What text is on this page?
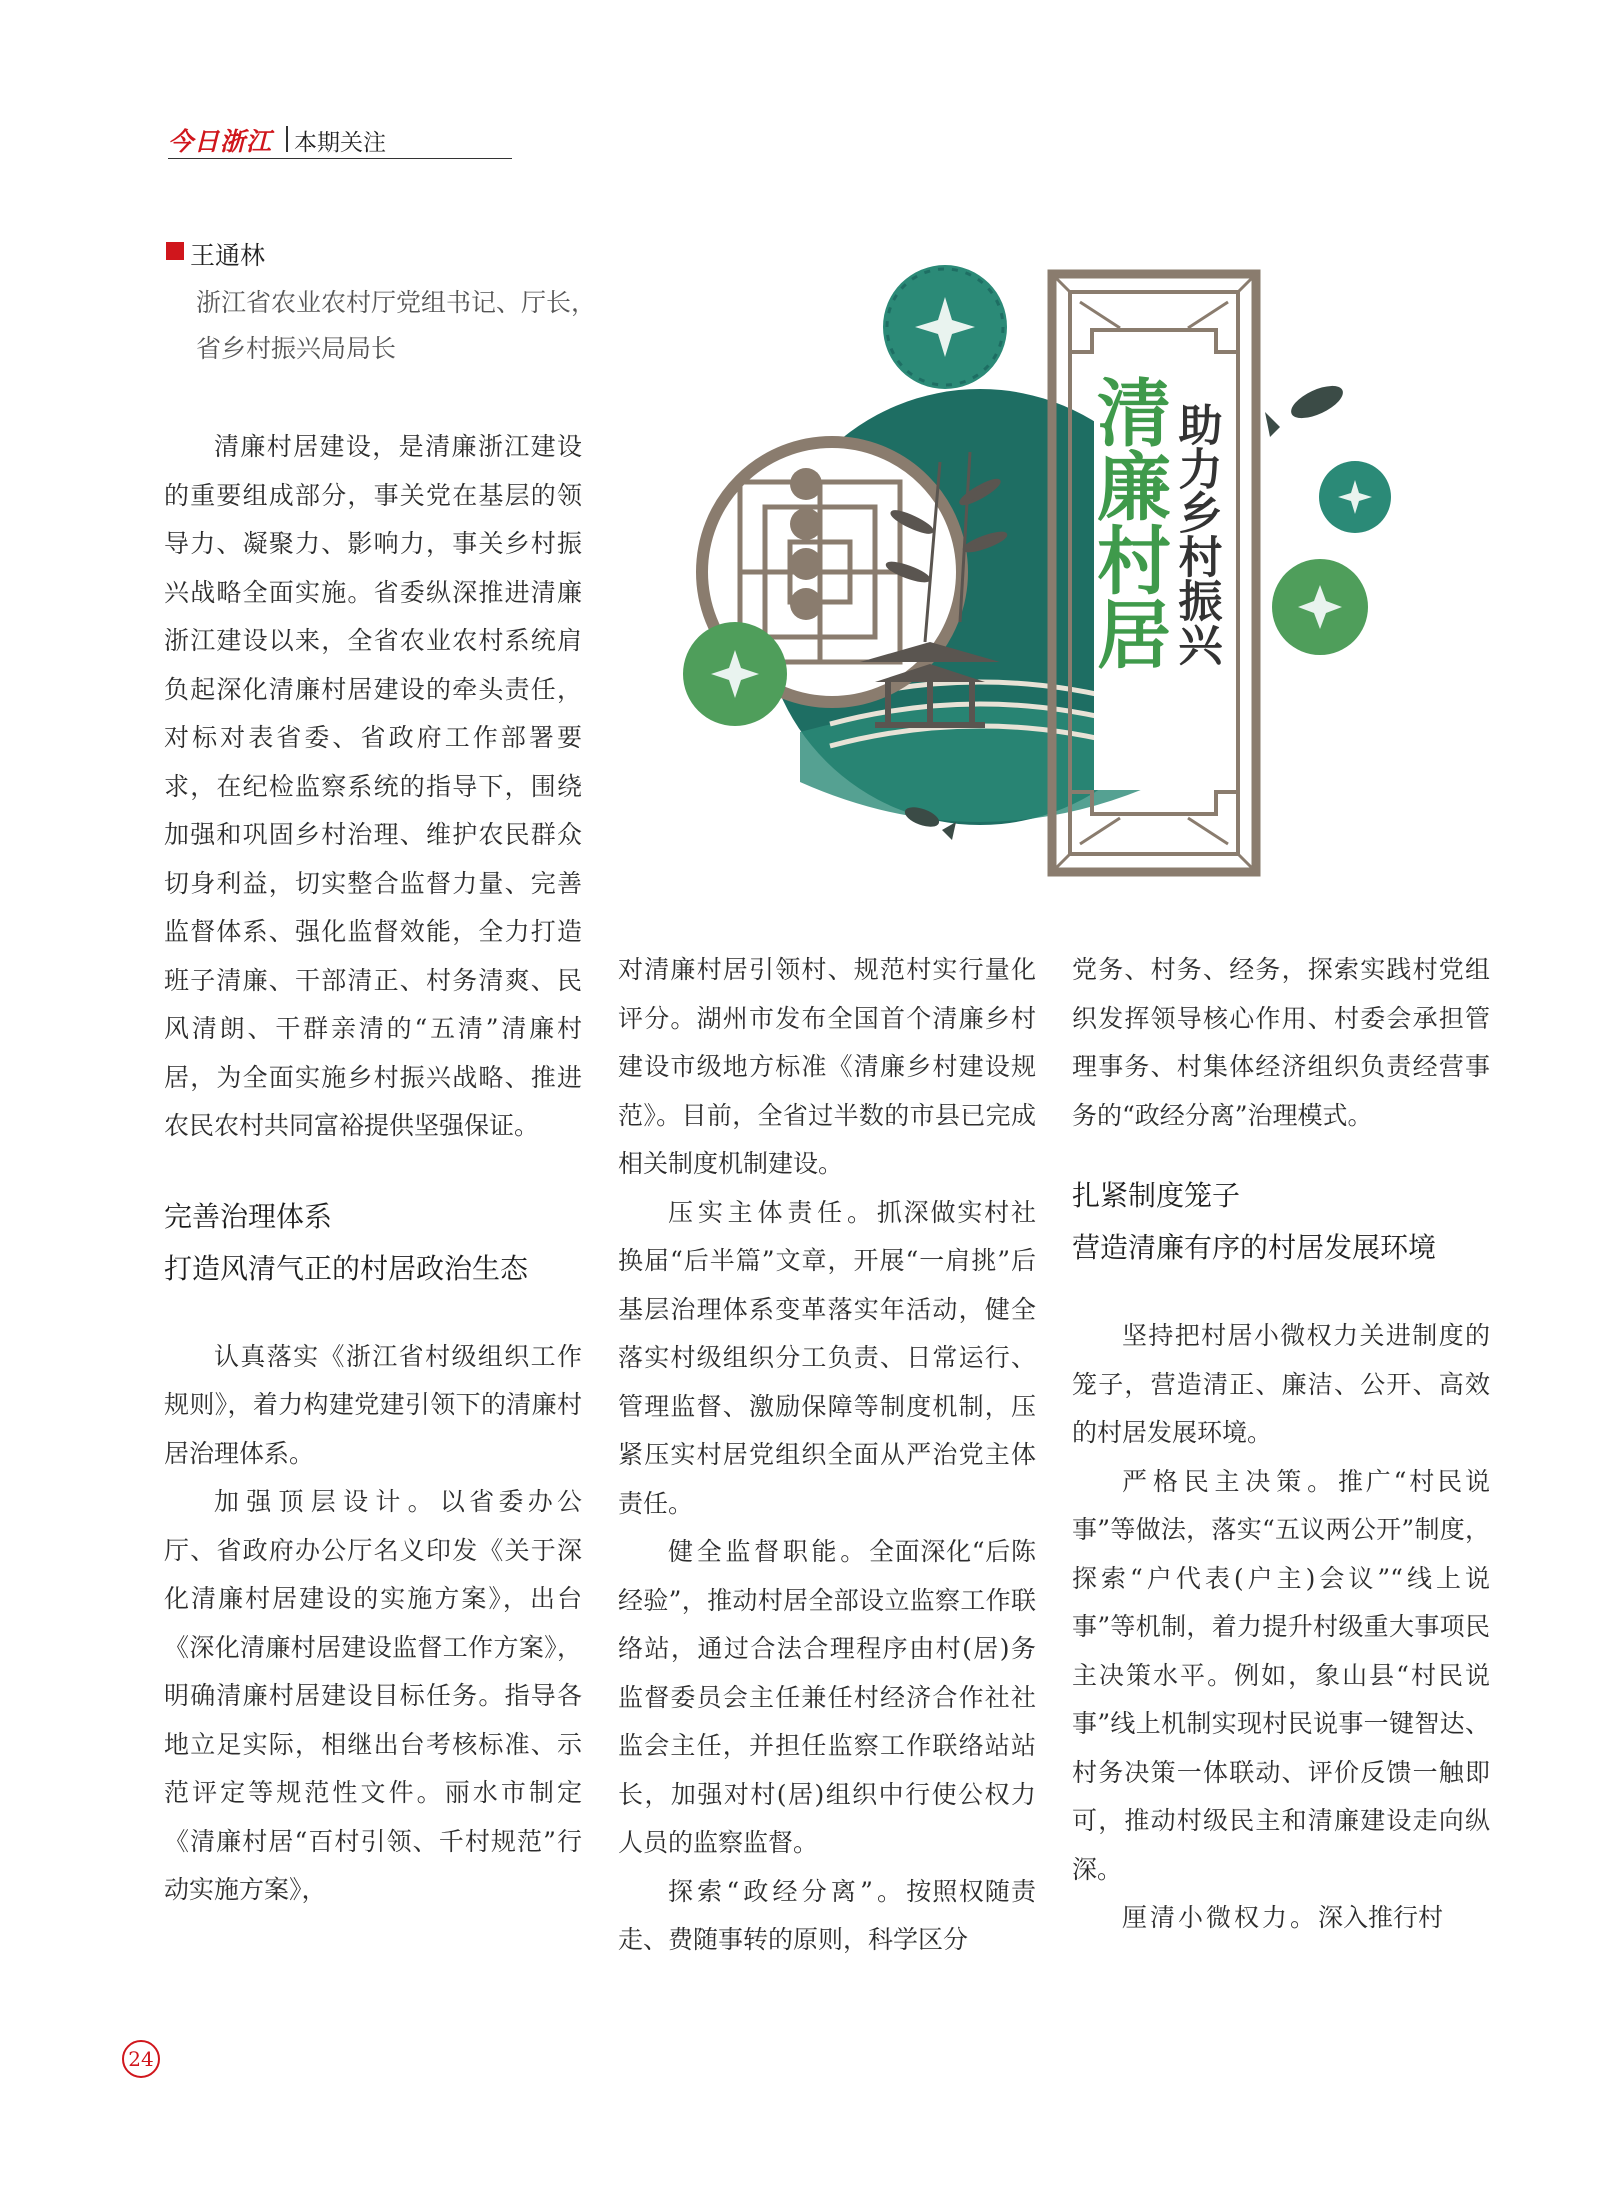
今日浙江 本期关注
王通林
浙江省农业农村厅党组书记、厅长，
省乡村振兴局局长
清廉村居 助力乡村振兴

清廉村居建设，是清廉浙江建设的重要组成部分，事关党在基层的领导力、凝聚力、影响力，事关乡村振兴战略全面实施。省委纵深推进清廉浙江建设以来，全省农业农村系统肩负起深化清廉村居建设的牵头责任，对标对表省委、省政府工作部署要求，在纪检监察系统的指导下，围绕加强和巩固乡村治理、维护农民群众切身利益，切实整合监督力量、完善监督体系、强化监督效能，全力打造班子清廉、干部清正、村务清爽、民风清朗、干群亲清的“五清”清廉村居，为全面实施乡村振兴战略、推进农民农村共同富裕提供坚强保证。

完善治理体系
打造风清气正的村居政治生态

认真落实《浙江省村级组织工作规则》，着力构建党建引领下的清廉村居治理体系。

加强顶层设计。以省委办公厅、省政府办公厅名义印发《关于深化清廉村居建设的实施方案》，出台《深化清廉村居建设监督工作方案》，明确清廉村居建设目标任务。指导各地立足实际，相继出台考核标准、示范评定等规范性文件。丽水市制定《清廉村居“百村引领、千村规范”行动实施方案》，

对清廉村居引领村、规范村实行量化评分。湖州市发布全国首个清廉乡村建设市级地方标准《清廉乡村建设规范》。目前，全省过半数的市县已完成相关制度机制建设。

压实主体责任。抓深做实村社换届“后半篇”文章，开展“一肩挑”后基层治理体系变革落实年活动，健全落实村级组织分工负责、日常运行、管理监督、激励保障等制度机制，压紧压实村居党组织全面从严治党主体责任。

健全监督职能。全面深化“后陈经验”，推动村居全部设立监察工作联络站，通过合法合理程序由村(居)务监督委员会主任兼任村经济合作社社监会主任，并担任监察工作联络站站长，加强对村(居)组织中行使公权力人员的监察监督。

探索“政经分离”。按照权随责走、费随事转的原则，科学区分

党务、村务、经务，探索实践村党组织发挥领导核心作用、村委会承担管理事务、村集体经济组织负责经营事务的“政经分离”治理模式。

扎紧制度笼子
营造清廉有序的村居发展环境

坚持把村居小微权力关进制度的笼子，营造清正、廉洁、公开、高效的村居发展环境。

严格民主决策。推广“村民说事”等做法，落实“五议两公开”制度，探索“户代表(户主)会议”“线上说事”等机制，着力提升村级重大事项民主决策水平。例如，象山县“村民说事”线上机制实现村民说事一键智达、村务决策一体联动、评价反馈一触即可，推动村级民主和清廉建设走向纵深。

厘清小微权力。深入推行村

24
